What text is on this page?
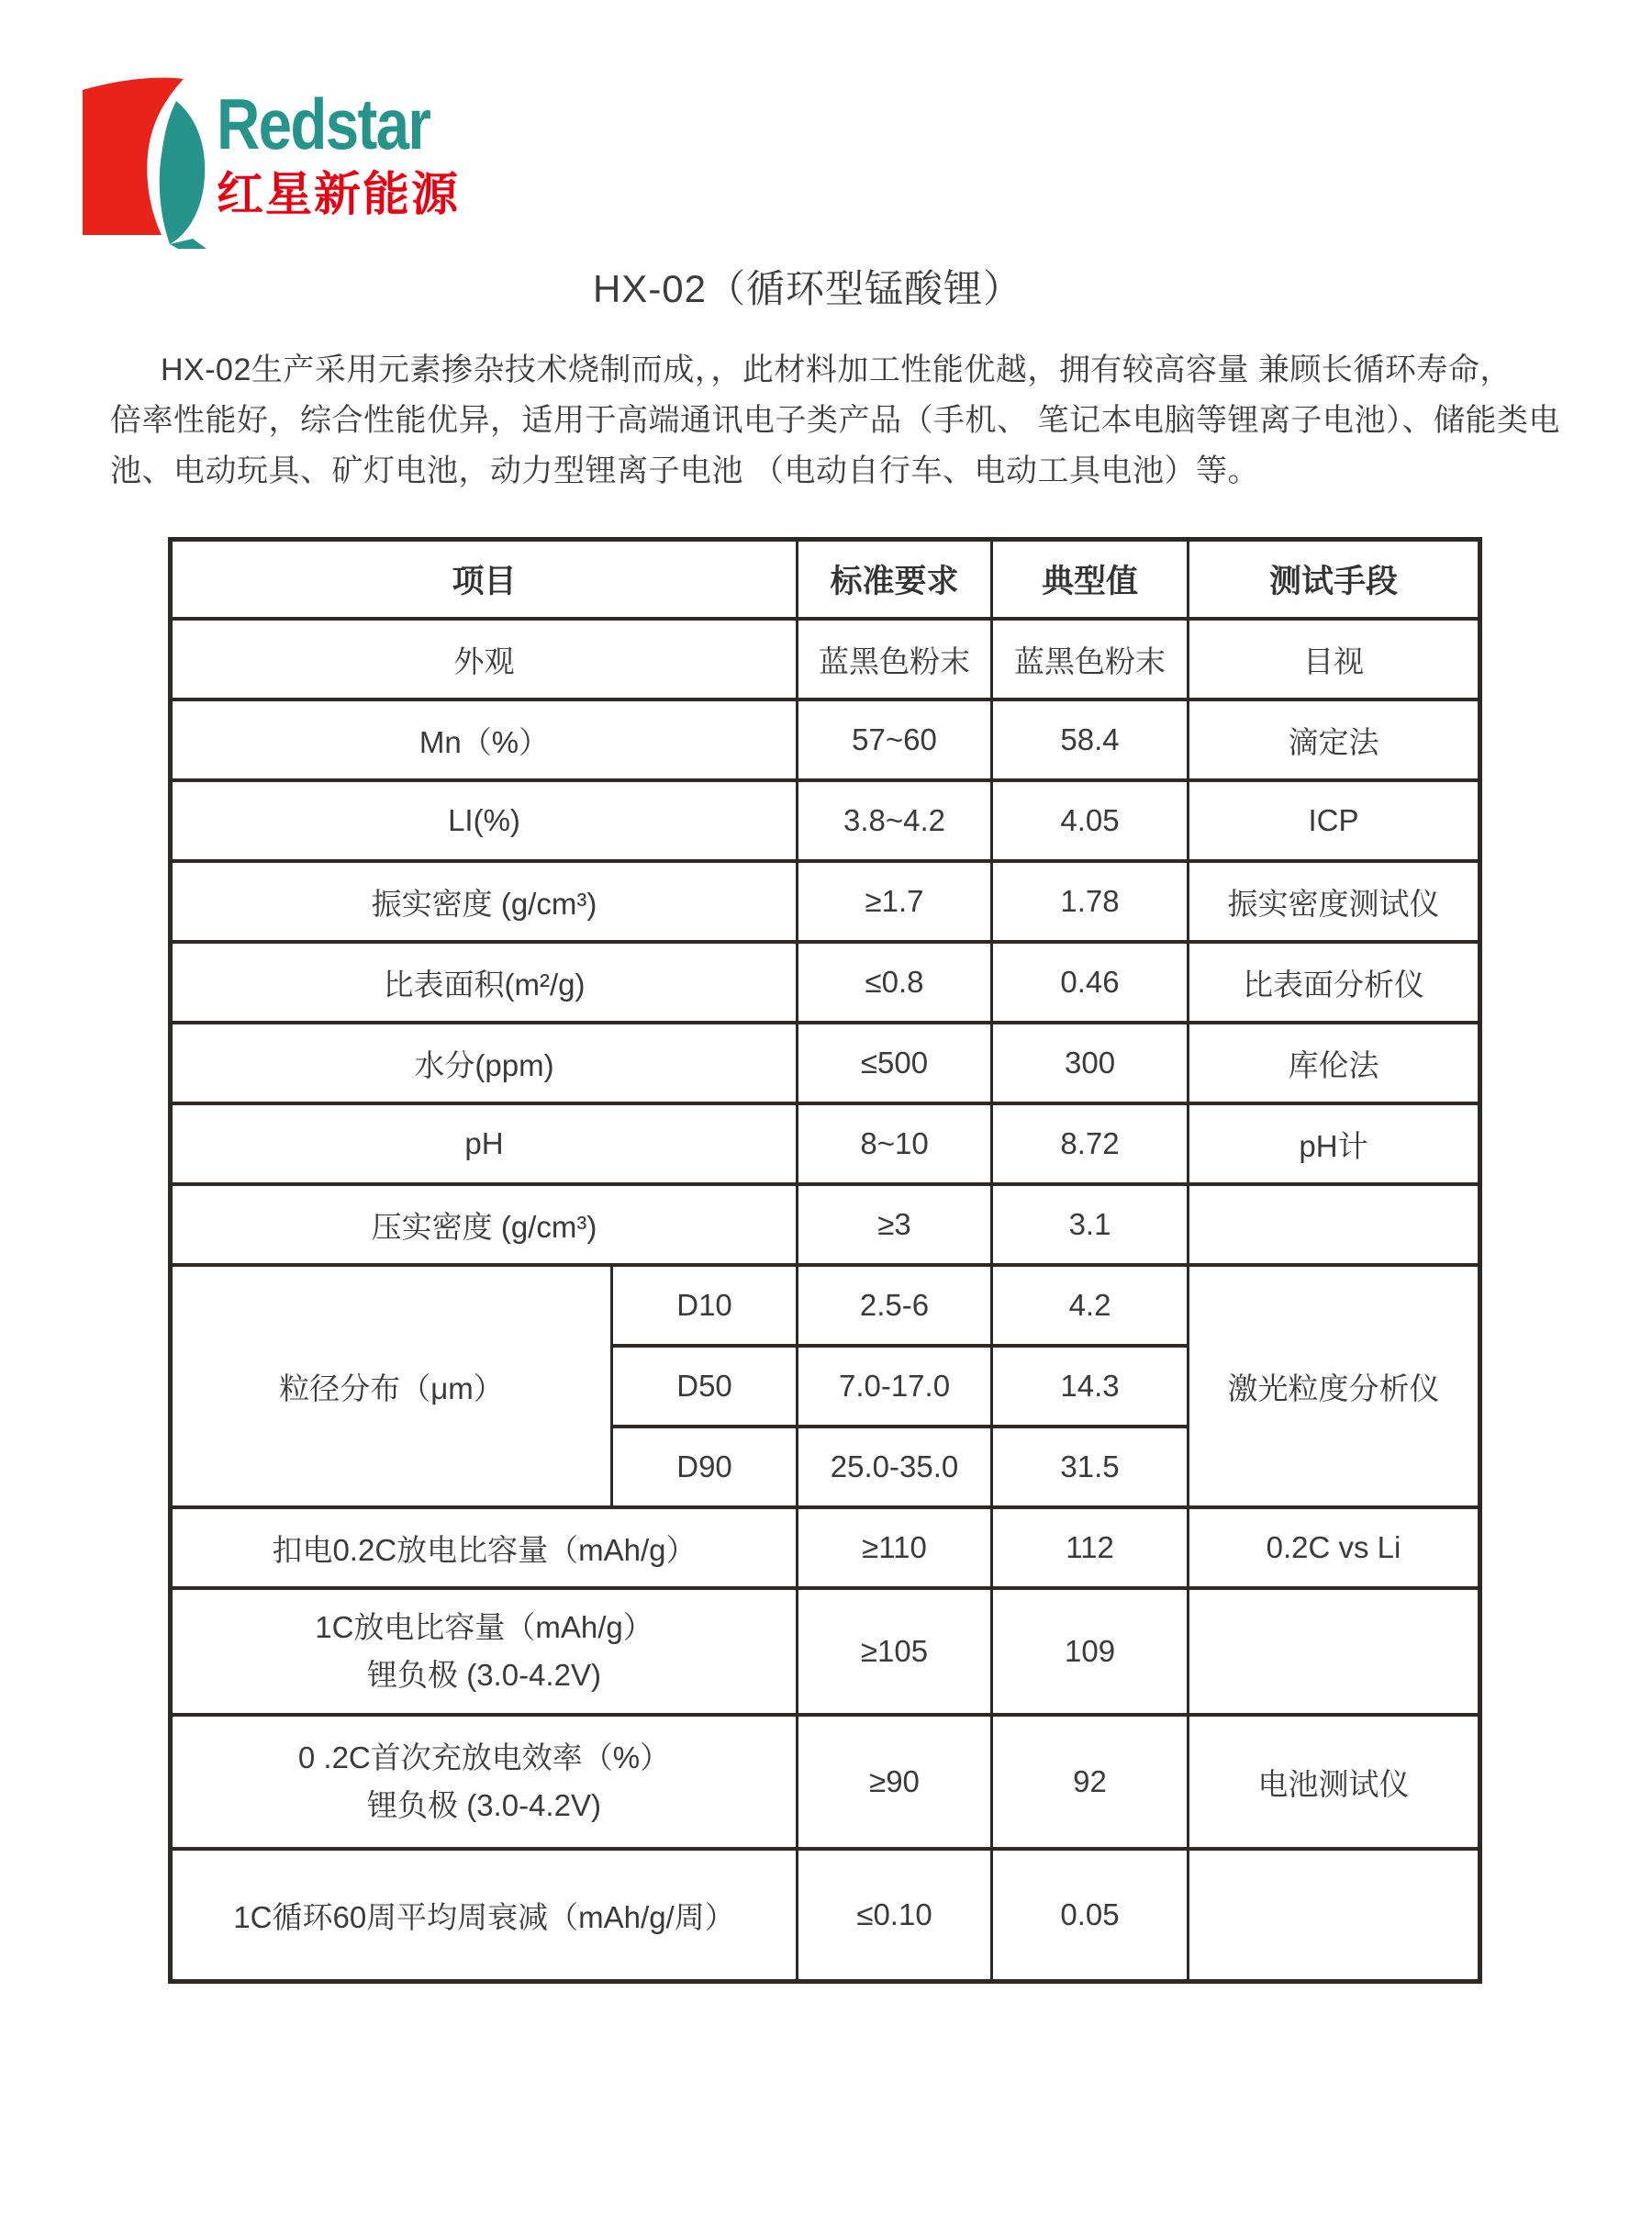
Redstar
红星新能源
HX-02（循环型锰酸锂）
HX-02生产采用元素掺杂技术烧制而成，，此材料加工性能优越，拥有较高容量 兼顾长循环寿命，
倍率性能好，综合性能优异，适用于高端通讯电子类产品（手机、 笔记本电脑等锂离子电池）、储能类电
池、电动玩具、矿灯电池，动力型锂离子电池 （电动自行车、电动工具电池）等。
项目		标准要求	典型值	测试手段
外观		蓝黑色粉末	蓝黑色粉末	目视
Mn（%）		57~60	58.4	滴定法
LI(%)		3.8~4.2	4.05	ICP
振实密度 (g/cm³)		≥1.7	1.78	振实密度测试仪
比表面积(m²/g)		≤0.8	0.46	比表面分析仪
水分(ppm)		≤500	300	库伦法
pH		8~10	8.72	pH计
压实密度 (g/cm³)		≥3	3.1	
粒径分布（μm）	D10	2.5-6	4.2	激光粒度分析仪
	D50	7.0-17.0	14.3	
	D90	25.0-35.0	31.5	
扣电0.2C放电比容量（mAh/g）		≥110	112	0.2C vs Li

1C放电比容量（mAh/g）
锂负极 (3.0-4.2V)		≥105	109	

0 .2C首次充放电效率（%）
锂负极 (3.0-4.2V)		≥90	92	电池测试仪
1C循环60周平均周衰减（mAh/g/周）		≤0.10	0.05	
